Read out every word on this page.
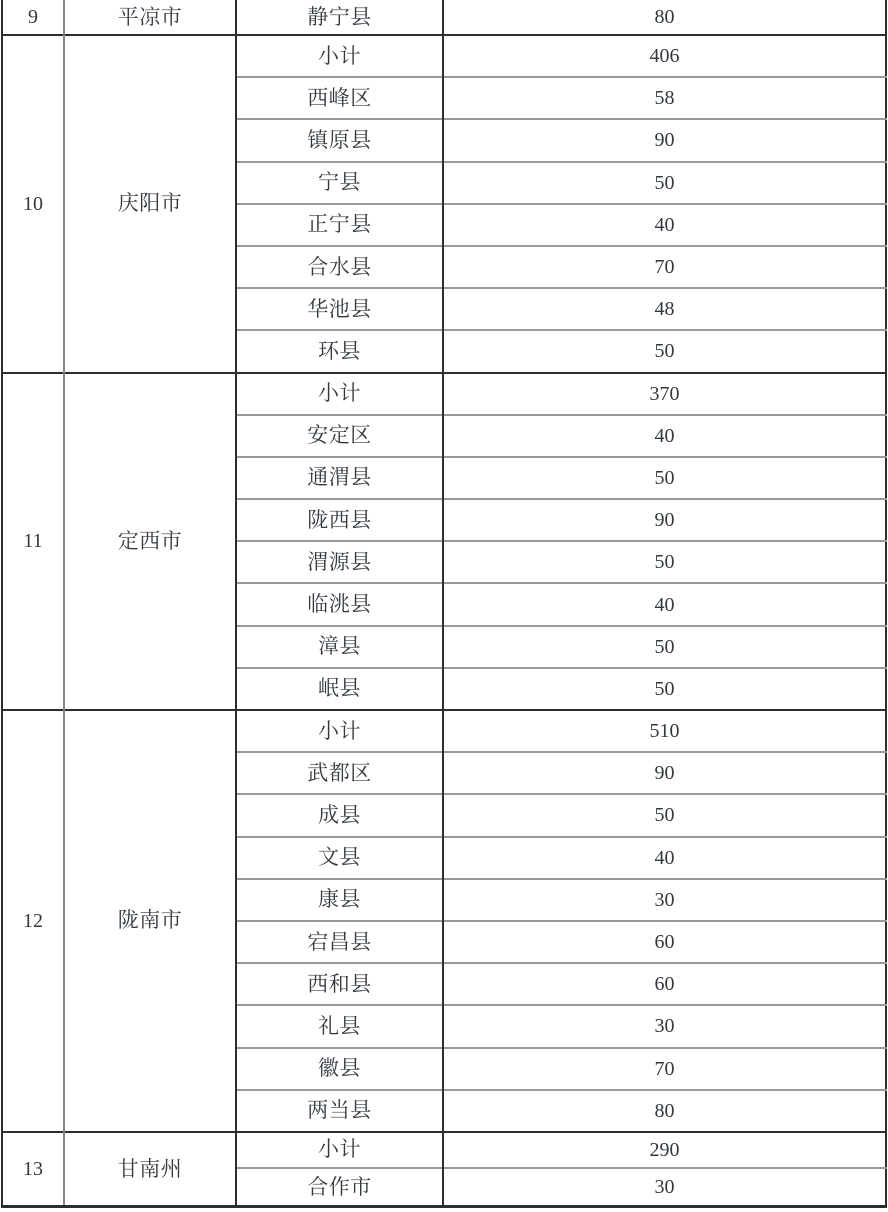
9	平凉市	静宁县	80
10	庆阳市	小计	406
		西峰区	58
		镇原县	90
		宁县	50
		正宁县	40
		合水县	70
		华池县	48
		环县	50
11	定西市	小计	370
		安定区	40
		通渭县	50
		陇西县	90
		渭源县	50
		临洮县	40
		漳县	50
		岷县	50
12	陇南市	小计	510
		武都区	90
		成县	50
		文县	40
		康县	30
		宕昌县	60
		西和县	60
		礼县	30
		徽县	70
		两当县	80
13	甘南州	小计	290
		合作市	30
